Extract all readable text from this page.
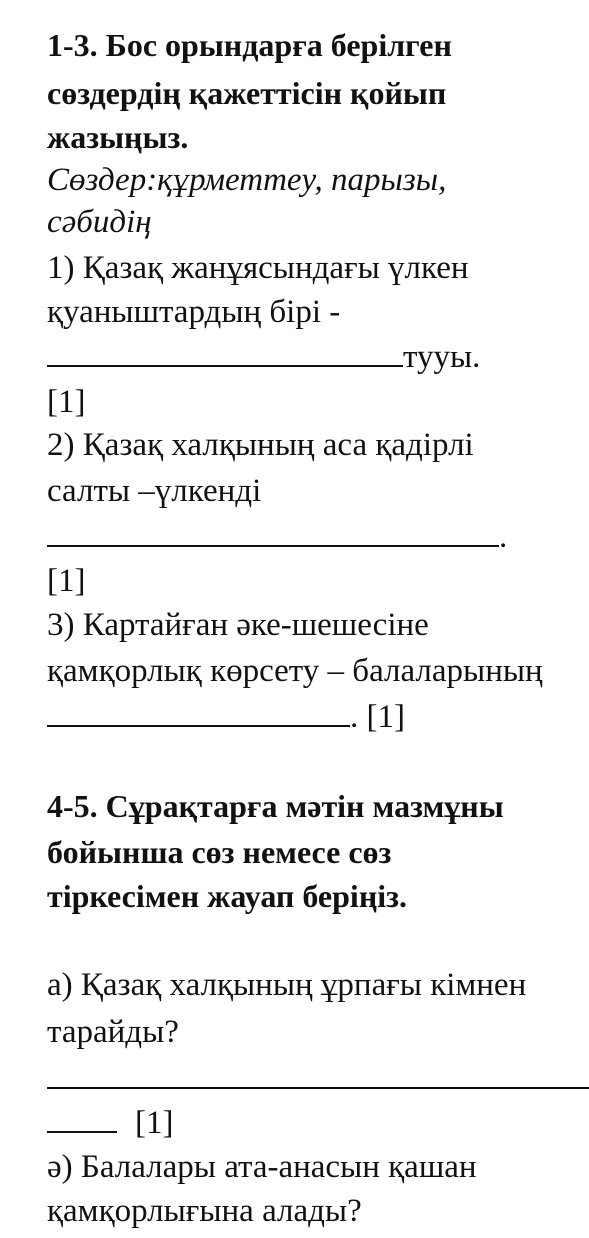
1-3. Бос орындарға берілген
сөздердің қажеттісін қойып
жазыңыз.
Сөздер:құрметтеу, парызы,
сәбидің
1) Қазақ жанұясындағы үлкен
қуаныштардың бірі -
тууы.
[1]
2) Қазақ халқының аса қадірлі
салты –үлкенді
.
[1]
3) Картайған әке-шешесіне
қамқорлық көрсету – балаларының
. [1]
4-5. Сұрақтарға мәтін мазмұны
бойынша сөз немесе сөз
тіркесімен жауап беріңіз.
а) Қазақ халқының ұрпағы кімнен
тарайды?
[1]
ә) Балалары ата-анасын қашан
қамқорлығына алады?
